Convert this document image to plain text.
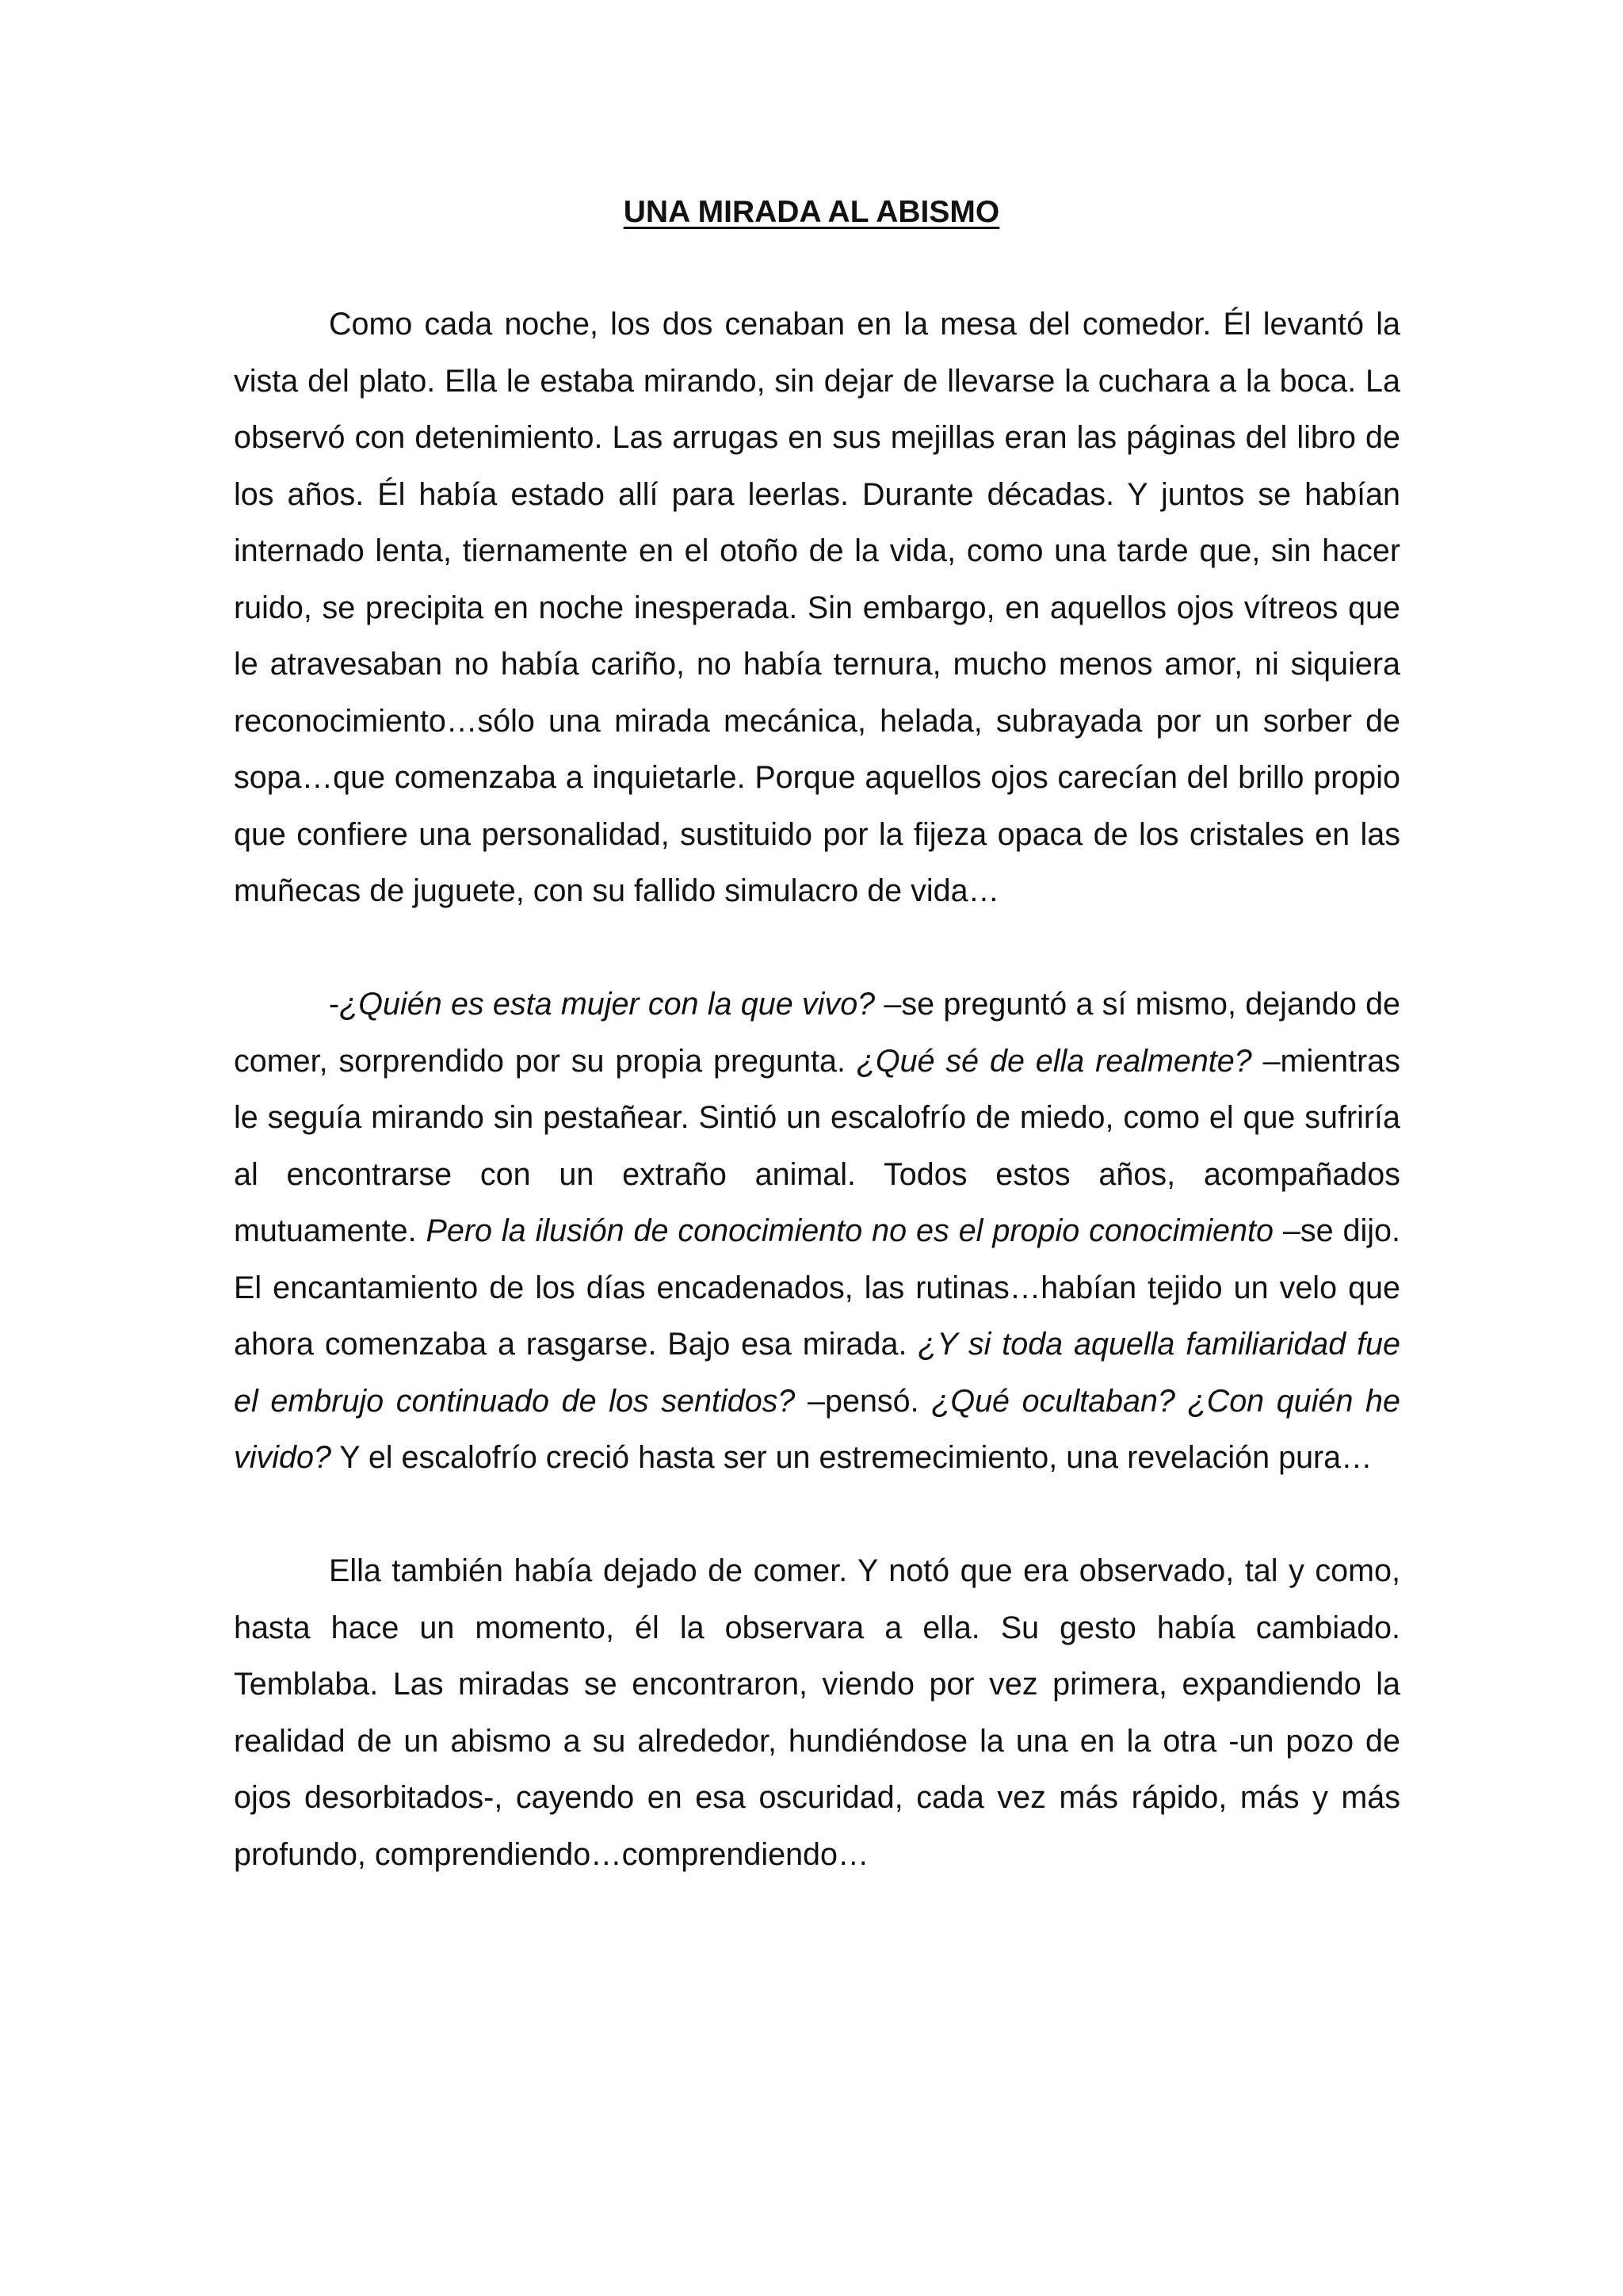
UNA MIRADA AL ABISMO

Como cada noche, los dos cenaban en la mesa del comedor. Él levantó la vista del plato. Ella le estaba mirando, sin dejar de llevarse la cuchara a la boca. La observó con detenimiento. Las arrugas en sus mejillas eran las páginas del libro de los años. Él había estado allí para leerlas. Durante décadas. Y juntos se habían internado lenta, tiernamente en el otoño de la vida, como una tarde que, sin hacer ruido, se precipita en noche inesperada. Sin embargo, en aquellos ojos vítreos que le atravesaban no había cariño, no había ternura, mucho menos amor, ni siquiera reconocimiento…sólo una mirada mecánica, helada, subrayada por un sorber de sopa…que comenzaba a inquietarle. Porque aquellos ojos carecían del brillo propio que confiere una personalidad, sustituido por la fijeza opaca de los cristales en las muñecas de juguete, con su fallido simulacro de vida…

-¿Quién es esta mujer con la que vivo? –se preguntó a sí mismo, dejando de comer, sorprendido por su propia pregunta. ¿Qué sé de ella realmente? –mientras le seguía mirando sin pestañear. Sintió un escalofrío de miedo, como el que sufriría al encontrarse con un extraño animal. Todos estos años, acompañados mutuamente. Pero la ilusión de conocimiento no es el propio conocimiento –se dijo. El encantamiento de los días encadenados, las rutinas…habían tejido un velo que ahora comenzaba a rasgarse. Bajo esa mirada. ¿Y si toda aquella familiaridad fue el embrujo continuado de los sentidos? –pensó. ¿Qué ocultaban? ¿Con quién he vivido? Y el escalofrío creció hasta ser un estremecimiento, una revelación pura…

Ella también había dejado de comer. Y notó que era observado, tal y como, hasta hace un momento, él la observara a ella. Su gesto había cambiado. Temblaba. Las miradas se encontraron, viendo por vez primera, expandiendo la realidad de un abismo a su alrededor, hundiéndose la una en la otra -un pozo de ojos desorbitados-, cayendo en esa oscuridad, cada vez más rápido, más y más profundo, comprendiendo…comprendiendo…
